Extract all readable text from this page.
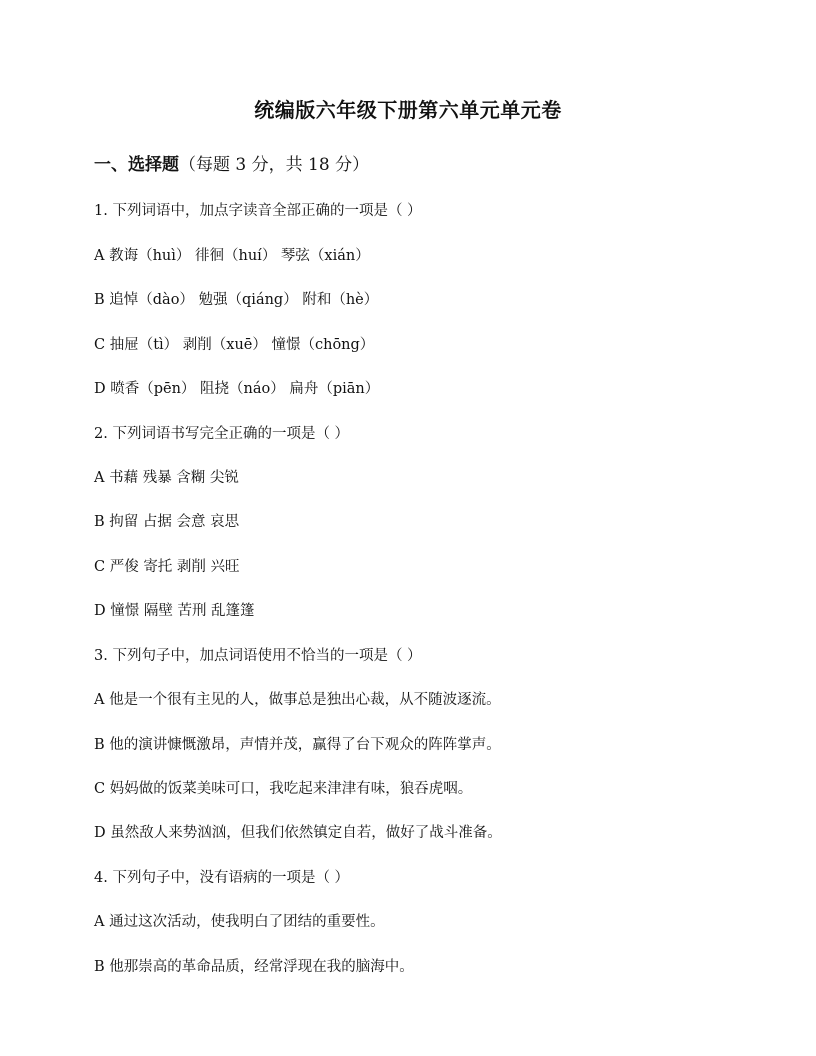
统编版六年级下册第六单元单元卷
一、选择题（每题 3 分，共 18 分）
1. 下列词语中，加点字读音全部正确的一项是（ ）
A 教诲（huì） 徘徊（huí） 琴弦（xián）
B 追悼（dào） 勉强（qiáng） 附和（hè）
C 抽屉（tì） 剥削（xuē） 憧憬（chōng）
D 喷香（pēn） 阻挠（náo） 扁舟（piān）
2. 下列词语书写完全正确的一项是（ ）
A 书藉 残暴 含糊 尖锐
B 拘留 占据 会意 哀思
C 严俊 寄托 剥削 兴旺
D 憧憬 隔壁 苦刑 乱篷篷
3. 下列句子中，加点词语使用不恰当的一项是（ ）
A 他是一个很有主见的人，做事总是独出心裁，从不随波逐流。
B 他的演讲慷慨激昂，声情并茂，赢得了台下观众的阵阵掌声。
C 妈妈做的饭菜美味可口，我吃起来津津有味，狼吞虎咽。
D 虽然敌人来势汹汹，但我们依然镇定自若，做好了战斗准备。
4. 下列句子中，没有语病的一项是（ ）
A 通过这次活动，使我明白了团结的重要性。
B 他那崇高的革命品质，经常浮现在我的脑海中。
